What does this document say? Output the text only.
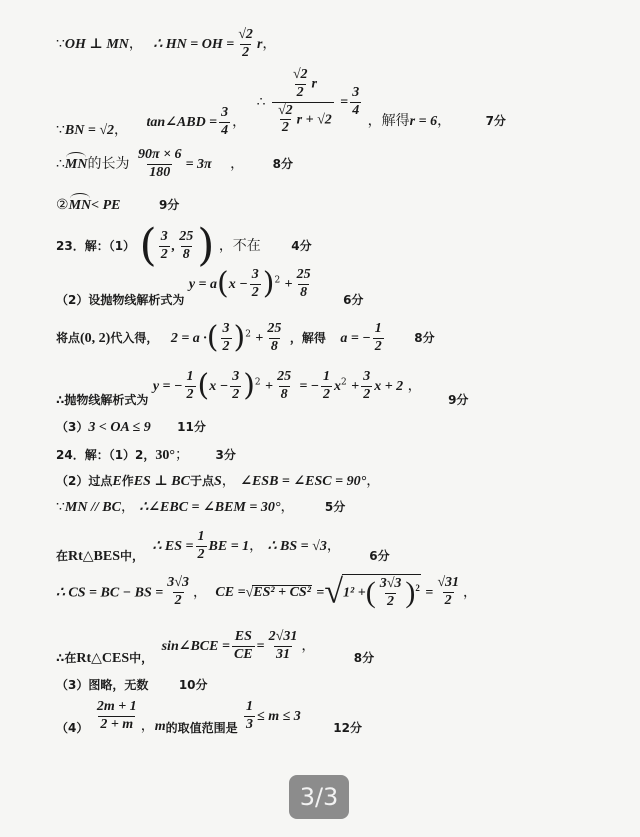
∵OH ⊥ MN， ∴ HN = OH = $\frac{√2}{2}$ r，
∵BN = √2， tan∠ABD = $\frac{3}{4}$ ， ∴ $\frac{\frac{√2}{2} r}{\frac{√2}{2} r + √2} = \frac{3}{4}$
，解得r = 6，	7分
∴MN的长为 $\frac{90\pi \times 6}{180} = 3\pi$ ， 8分
②MN< PE	9分
23．解：（1） ( $\frac{3}{2}$ , $\frac{25}{8}$ ) ，不在	4分
（2）设抛物线解析式为 $y = a(x - \frac{3}{2} )^2 + \frac{25}{8}$	6分
将点(0, 2)代入得， 2 = a ·( $\frac{3}{2} )^2 + \frac{25}{8}$ ，解得 a = − $\frac{1}{2}$	8分
∴抛物线解析式为 y = − $\frac{1}{2} (x - \frac{3}{2} )^2 + \frac{25}{8}$ = − $\frac{1}{2} x^2 + \frac{3}{2}$ x + 2 ， 9分
（3）3 < OA ≤ 9 11分
24．解：（1）2，30°； 3分
（2）过点E作ES ⊥ BC于点S， ∠ESB = ∠ESC = 90°，
∵MN // BC， ∴∠EBC = ∠BEM = 30°，	5分
在Rt△BES中， ∴ ES = $\frac{1}{2}$ BE = 1， ∴ BS = √3， 6分
∴ CS = BC − BS = $\frac{3√3}{2}$ ， CE =√ES² + CS² =√1² +( $\frac{3√3}{2} )^2 = \frac{√31}{2}$ ，
∴在Rt△CES中， sin∠BCE = $\frac{ES}{CE} = \frac{2√31}{31}$ ， 8分
（3）图略，无数	10分
$(4) \frac{2m + 1}{2 + m}$ ，m的取值范围是 $\frac{1}{3} \le m \le 3$ 12分
3/3
